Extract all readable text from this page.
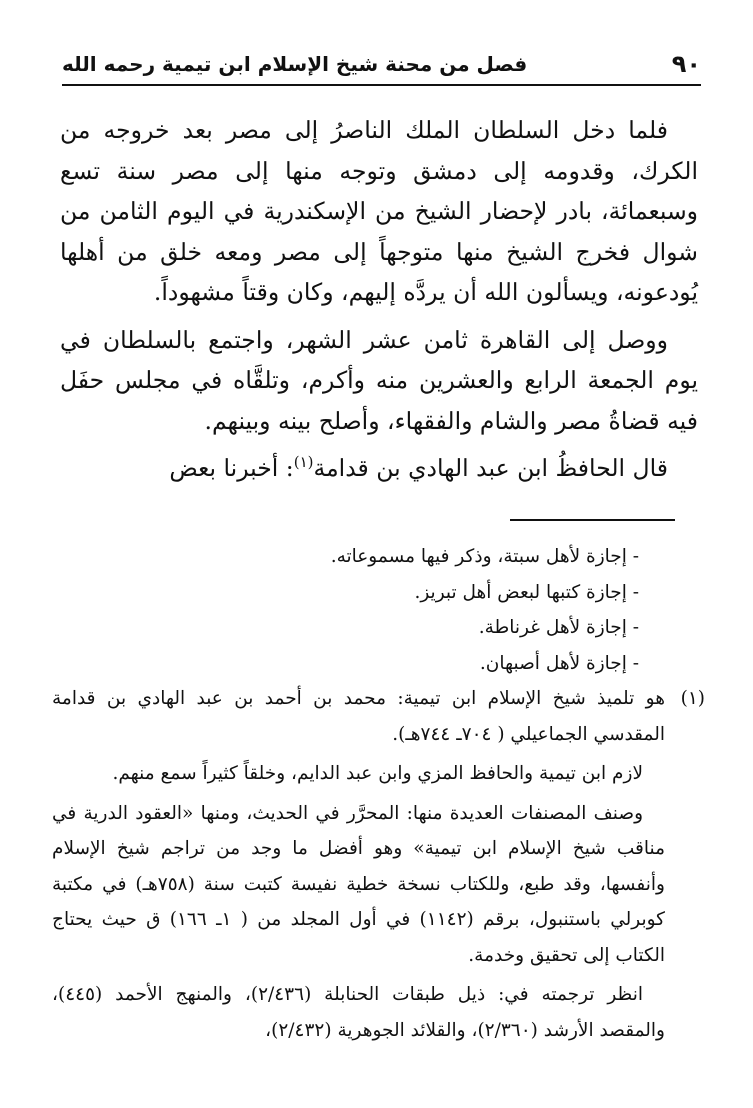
٩٠
فصل من محنة شيخ الإسلام ابن تيمية رحمه الله

فلما دخل السلطان الملك الناصرُ إلى مصر بعد خروجه من الكرك، وقدومه إلى دمشق وتوجه منها إلى مصر سنة تسع وسبعمائة، بادر لإحضار الشيخ من الإسكندرية في اليوم الثامن من شوال فخرج الشيخ منها متوجهاً إلى مصر ومعه خلق من أهلها يُودعونه، ويسألون الله أن يردَّه إليهم، وكان وقتاً مشهوداً.

ووصل إلى القاهرة ثامن عشر الشهر، واجتمع بالسلطان في يوم الجمعة الرابع والعشرين منه وأكرم، وتلقَّاه في مجلس حفَل فيه قضاةُ مصر والشام والفقهاء، وأصلح بينه وبينهم.

قال الحافظُ ابن عبد الهادي بن قدامة$^{(١)}$: أخبرنا بعض

- إجازة لأهل سبتة، وذكر فيها مسموعاته.
- إجازة كتبها لبعض أهل تبريز.
- إجازة لأهل غرناطة.
- إجازة لأهل أصبهان.
(١)

هو تلميذ شيخ الإسلام ابن تيمية: محمد بن أحمد بن عبد الهادي بن قدامة المقدسي الجماعيلي ( ٧٠٤ـ ٧٤٤هـ).

لازم ابن تيمية والحافظ المزي وابن عبد الدايم، وخلقاً كثيراً سمع منهم.

وصنف المصنفات العديدة منها: المحرَّر في الحديث، ومنها «العقود الدرية في مناقب شيخ الإسلام ابن تيمية» وهو أفضل ما وجد من تراجم شيخ الإسلام وأنفسها، وقد طبع، وللكتاب نسخة خطية نفيسة كتبت سنة (٧٥٨هـ) في مكتبة كوبرلي باستنبول، برقم (١١٤٢) في أول المجلد من ( ١ـ ١٦٦) ق حيث يحتاج الكتاب إلى تحقيق وخدمة.

انظر ترجمته في: ذيل طبقات الحنابلة (٢/٤٣٦)، والمنهج الأحمد (٤٤٥)، والمقصد الأرشد (٢/٣٦٠)، والقلائد الجوهرية (٢/٤٣٢)،
